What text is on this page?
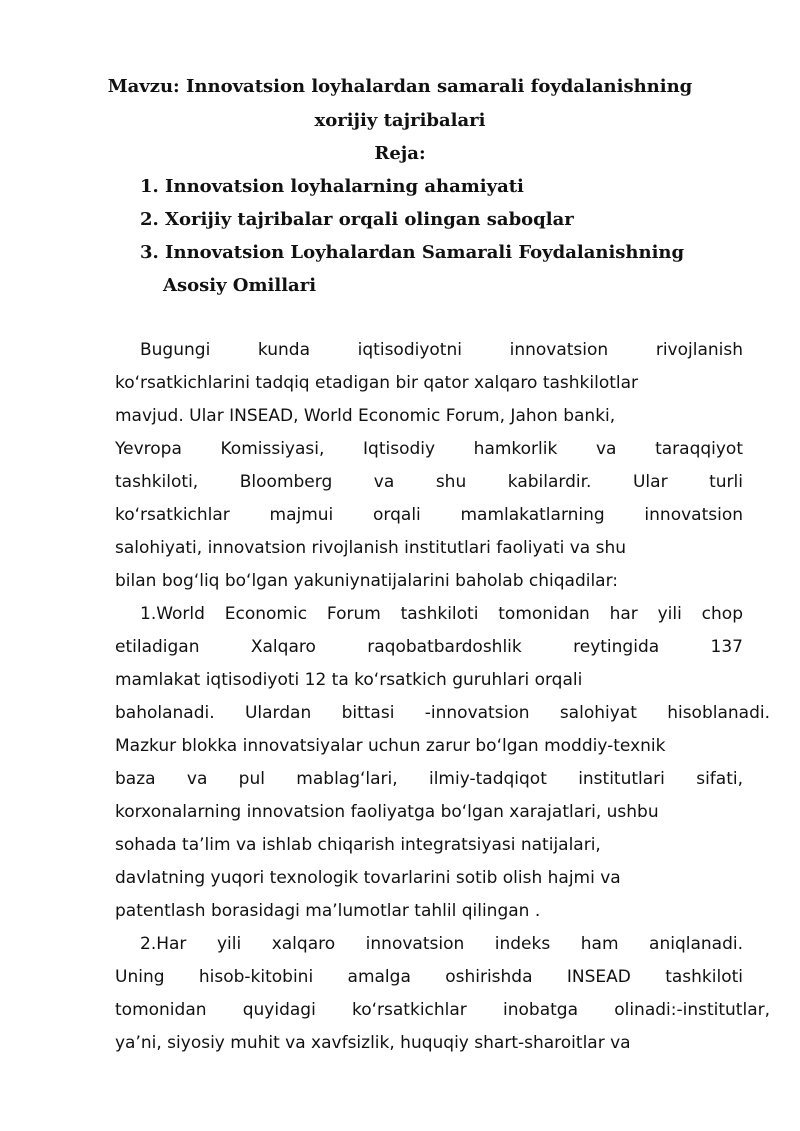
Mavzu: Innovatsion loyhalardan samarali foydalanishning

xorijiy tajribalari

Reja:

1. Innovatsion loyhalarning ahamiyati

2. Xorijiy tajribalar orqali olingan saboqlar

3. Innovatsion Loyhalardan Samarali Foydalanishning

Asosiy Omillari

Bugungi kunda iqtisodiyotni innovatsion rivojlanish

ko‘rsatkichlarini tadqiq etadigan bir qator xalqaro tashkilotlar

mavjud. Ular INSEAD, World Economic Forum, Jahon banki,

Yevropa Komissiyasi, Iqtisodiy hamkorlik va taraqqiyot

tashkiloti, Bloomberg va shu kabilardir. Ular turli

ko‘rsatkichlar majmui orqali mamlakatlarning innovatsion

salohiyati, innovatsion rivojlanish institutlari faoliyati va shu

bilan bog‘liq bo‘lgan yakuniynatijalarini baholab chiqadilar:

1.World Economic Forum tashkiloti tomonidan har yili chop

etiladigan Xalqaro raqobatbardoshlik reytingida 137

mamlakat iqtisodiyoti 12 ta ko‘rsatkich guruhlari orqali

baholanadi. Ulardan bittasi -innovatsion salohiyat hisoblanadi.

Mazkur blokka innovatsiyalar uchun zarur bo‘lgan moddiy-texnik

baza va pul mablag‘lari, ilmiy-tadqiqot institutlari sifati,

korxonalarning innovatsion faoliyatga bo‘lgan xarajatlari, ushbu

sohada ta’lim va ishlab chiqarish integratsiyasi natijalari,

davlatning yuqori texnologik tovarlarini sotib olish hajmi va

patentlash borasidagi ma’lumotlar tahlil qilingan .

2.Har yili xalqaro innovatsion indeks ham aniqlanadi.

Uning hisob-kitobini amalga oshirishda INSEAD tashkiloti

tomonidan quyidagi ko‘rsatkichlar inobatga olinadi:-institutlar,

ya’ni, siyosiy muhit va xavfsizlik, huquqiy shart-sharoitlar va
